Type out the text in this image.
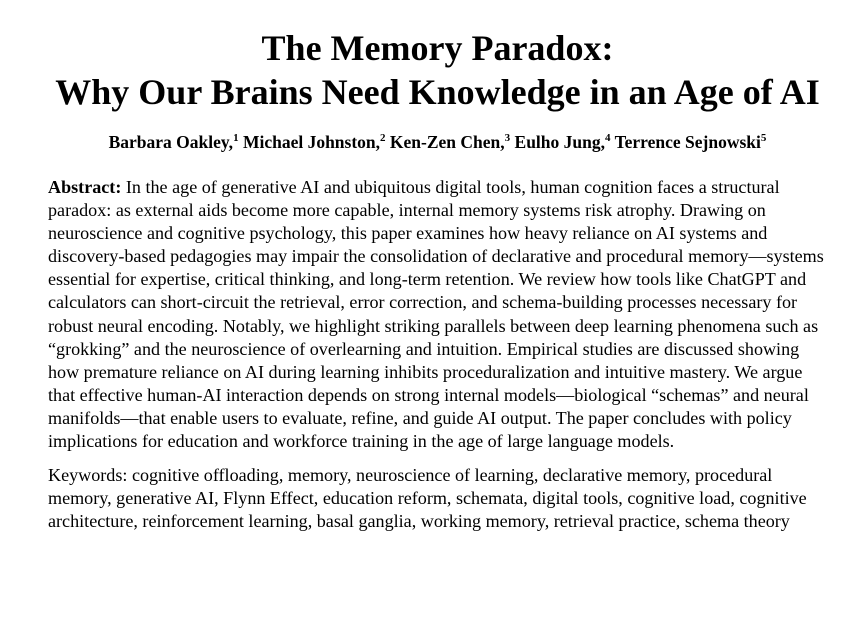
The Memory Paradox:
Why Our Brains Need Knowledge in an Age of AI
Barbara Oakley,$^1$ Michael Johnston,$^2$ Ken-Zen Chen,$^3$ Eulho Jung,$^4$ Terrence Sejnowski$^5$

Abstract: In the age of generative AI and ubiquitous digital tools, human cognition faces a structural paradox: as external aids become more capable, internal memory systems risk atrophy. Drawing on neuroscience and cognitive psychology, this paper examines how heavy reliance on AI systems and discovery-based pedagogies may impair the consolidation of declarative and procedural memory—systems essential for expertise, critical thinking, and long-term retention. We review how tools like ChatGPT and calculators can short-circuit the retrieval, error correction, and schema-building processes necessary for robust neural encoding. Notably, we highlight striking parallels between deep learning phenomena such as “grokking” and the neuroscience of overlearning and intuition. Empirical studies are discussed showing how premature reliance on AI during learning inhibits proceduralization and intuitive mastery. We argue that effective human-AI interaction depends on strong internal models—biological “schemas” and neural manifolds—that enable users to evaluate, refine, and guide AI output. The paper concludes with policy implications for education and workforce training in the age of large language models.

Keywords: cognitive offloading, memory, neuroscience of learning, declarative memory, procedural memory, generative AI, Flynn Effect, education reform, schemata, digital tools, cognitive load, cognitive architecture, reinforcement learning, basal ganglia, working memory, retrieval practice, schema theory
